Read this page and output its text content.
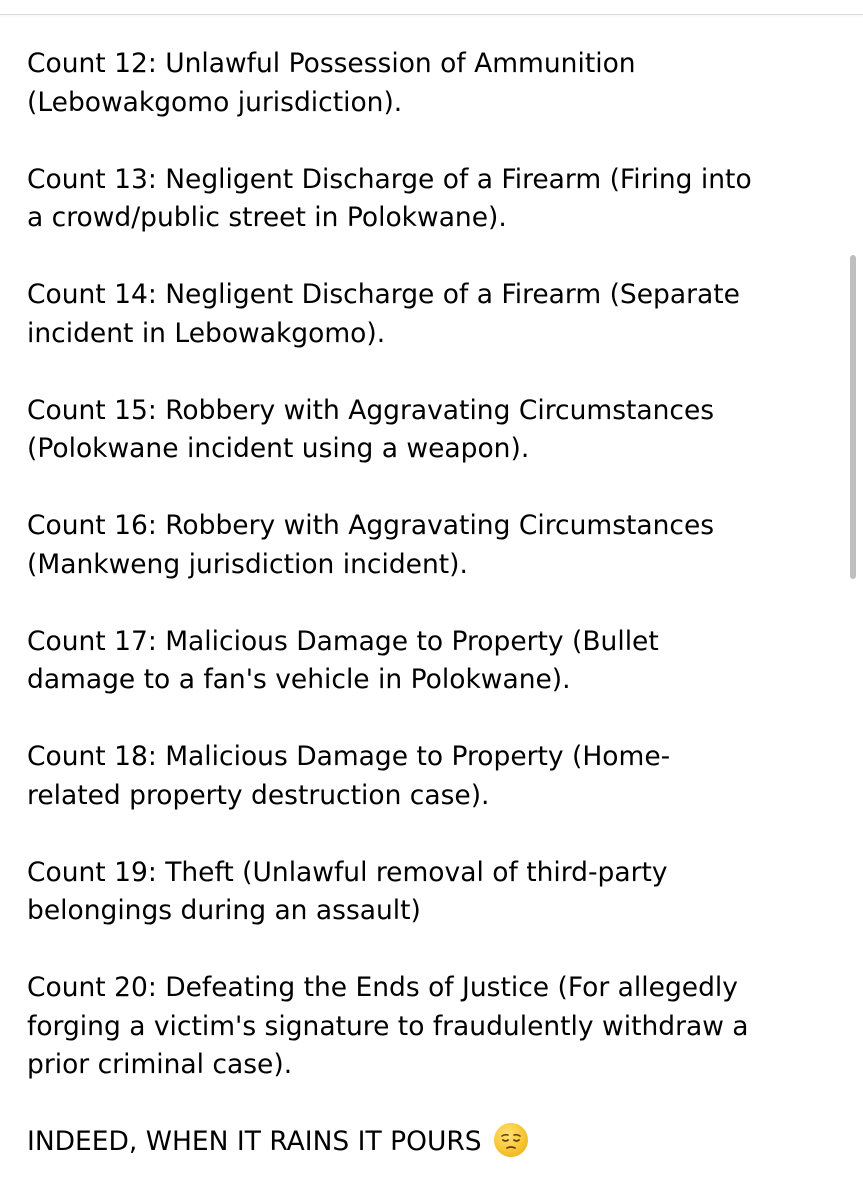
Count 12: Unlawful Possession of Ammunition
(Lebowakgomo jurisdiction).

Count 13: Negligent Discharge of a Firearm (Firing into
a crowd/public street in Polokwane).

Count 14: Negligent Discharge of a Firearm (Separate
incident in Lebowakgomo).

Count 15: Robbery with Aggravating Circumstances
(Polokwane incident using a weapon).

Count 16: Robbery with Aggravating Circumstances
(Mankweng jurisdiction incident).

Count 17: Malicious Damage to Property (Bullet
damage to a fan's vehicle in Polokwane).

Count 18: Malicious Damage to Property (Home-
related property destruction case).

Count 19: Theft (Unlawful removal of third-party
belongings during an assault)

Count 20: Defeating the Ends of Justice (For allegedly
forging a victim's signature to fraudulently withdraw a
prior criminal case).

INDEED, WHEN IT RAINS IT POURS
